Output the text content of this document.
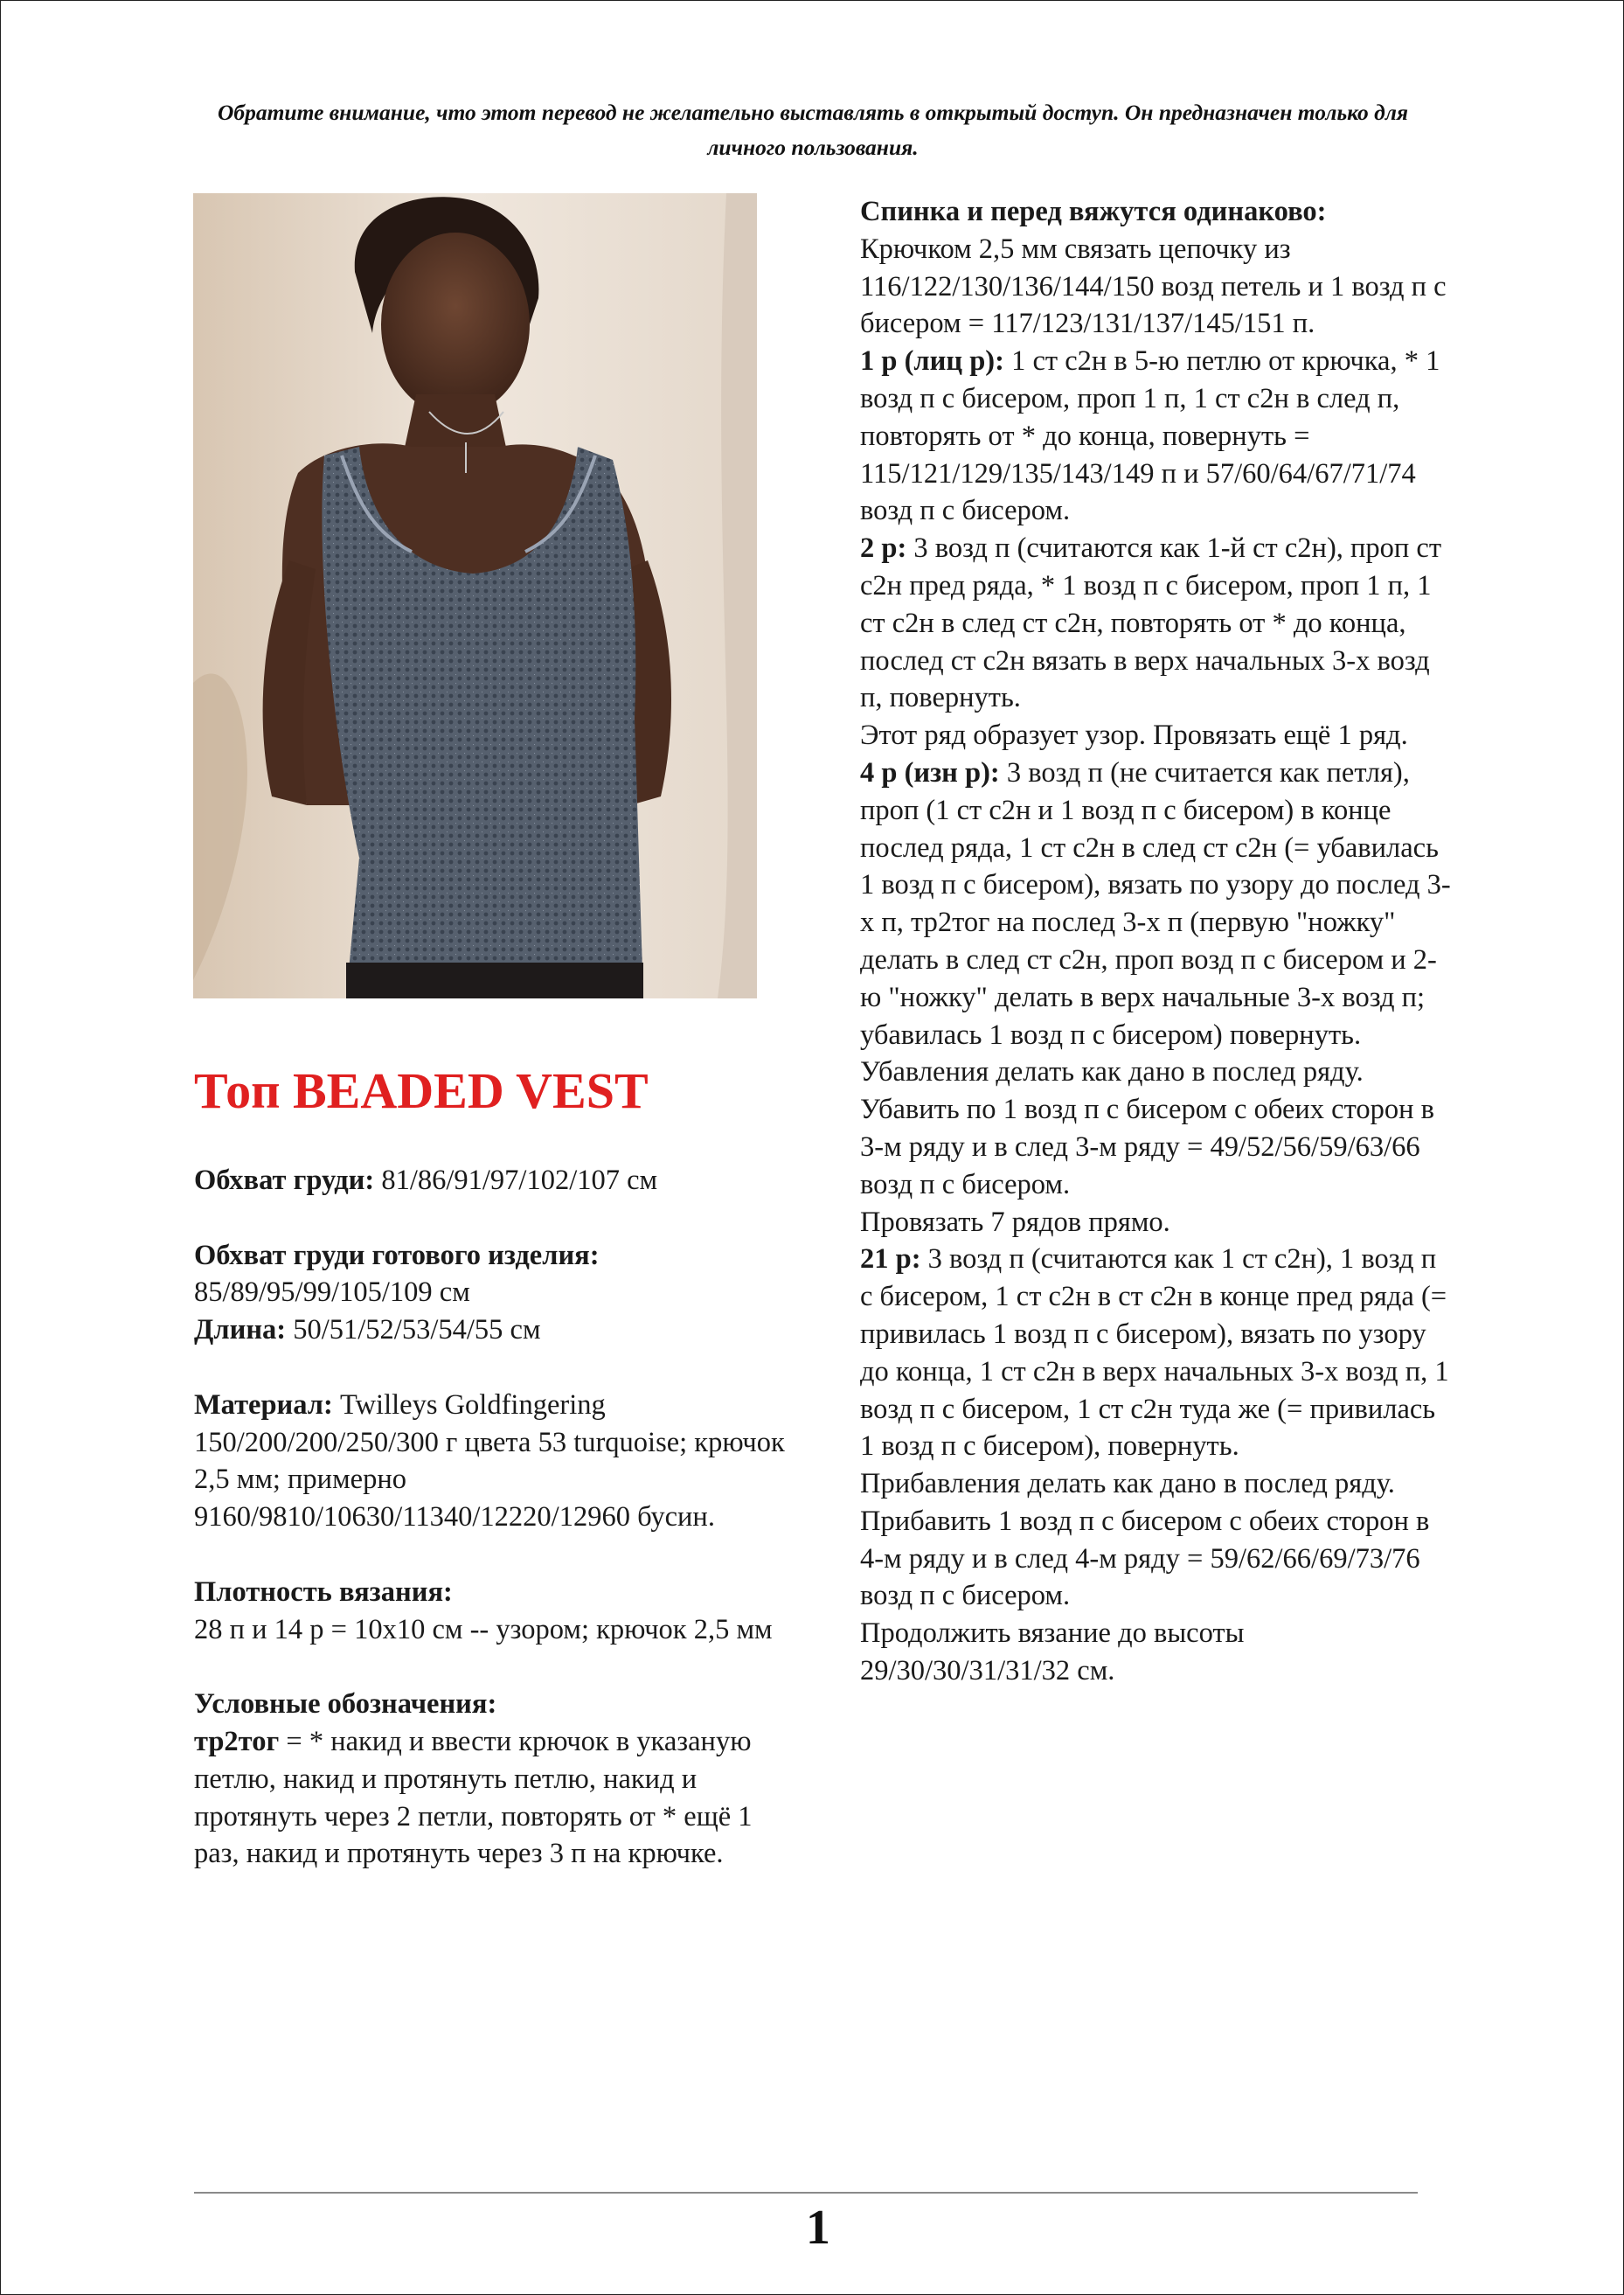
Обратите внимание, что этот перевод не желательно выставлять в открытый доступ. Он предназначен только для личного пользования.
Топ BEADED VEST

Обхват груди: 81/86/91/97/102/107 см

Обхват груди готового изделия:

85/89/95/99/105/109 см

Длина: 50/51/52/53/54/55 см

Материал: Twilleys Goldfingering 150/200/200/250/300 г цвета 53 turquoise; крючок 2,5 мм; примерно 9160/9810/10630/11340/12220/12960 бусин.

Плотность вязания:

28 п и 14 р = 10х10 см -- узором; крючок 2,5 мм

Условные обозначения:

тр2тог = * накид и ввести крючок в указаную петлю, накид и протянуть петлю, накид и протянуть через 2 петли, повторять от * ещё 1 раз, накид и протянуть через 3 п на крючке.

Спинка и перед вяжутся одинаково:

Крючком 2,5 мм связать цепочку из 116/122/130/136/144/150 возд петель и 1 возд п с бисером = 117/123/131/137/145/151 п.

1 р (лиц р): 1 ст с2н в 5-ю петлю от крючка, * 1 возд п с бисером, проп 1 п, 1 ст с2н в след п, повторять от * до конца, повернуть = 115/121/129/135/143/149 п и 57/60/64/67/71/74 возд п с бисером.

2 р: 3 возд п (считаются как 1-й ст с2н), проп ст с2н пред ряда, * 1 возд п с бисером, проп 1 п, 1 ст с2н в след ст с2н, повторять от * до конца, послед ст с2н вязать в верх начальных 3-х возд п, повернуть.

Этот ряд образует узор. Провязать ещё 1 ряд.

4 р (изн р): 3 возд п (не считается как петля), проп (1 ст с2н и 1 возд п с бисером) в конце послед ряда, 1 ст с2н в след ст с2н (= убавилась 1 возд п с бисером), вязать по узору до послед 3-х п, тр2тог на послед 3-х п (первую "ножку" делать в след ст с2н, проп возд п с бисером и 2-ю "ножку" делать в верх начальные 3-х возд п; убавилась 1 возд п с бисером) повернуть.

Убавления делать как дано в послед ряду. Убавить по 1 возд п с бисером с обеих сторон в 3-м ряду и в след 3-м ряду = 49/52/56/59/63/66 возд п с бисером.

Провязать 7 рядов прямо.

21 р: 3 возд п (считаются как 1 ст с2н), 1 возд п с бисером, 1 ст с2н в ст с2н в конце пред ряда (= привилась 1 возд п с бисером), вязать по узору до конца, 1 ст с2н в верх начальных 3-х возд п, 1 возд п с бисером, 1 ст с2н туда же (= привилась 1 возд п с бисером), повернуть.

Прибавления делать как дано в послед ряду. Прибавить 1 возд п с бисером с обеих сторон в 4-м ряду и в след 4-м ряду = 59/62/66/69/73/76 возд п с бисером.

Продолжить вязание до высоты 29/30/30/31/31/32 см.

1
